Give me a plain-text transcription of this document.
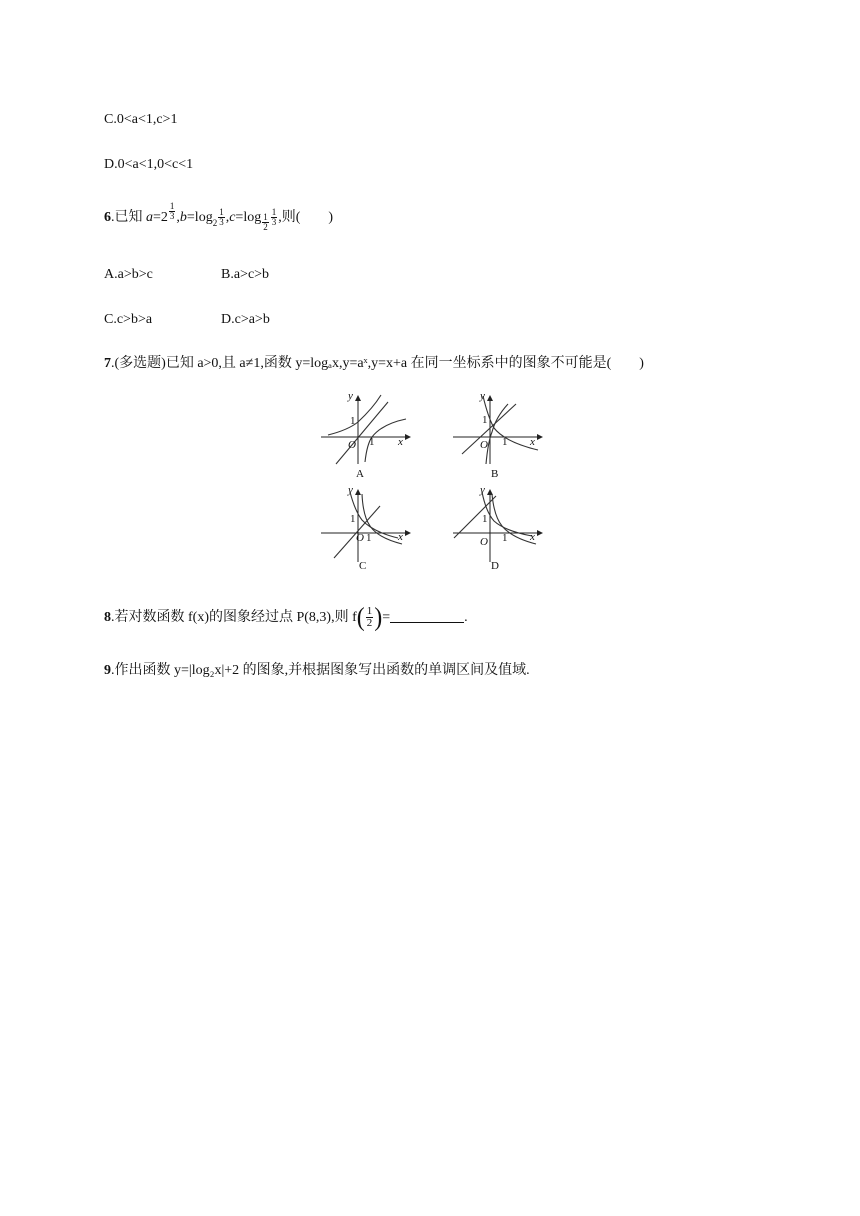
C.0<a<1,c>1
D.0<a<1,0<c<1
6.已知 a=2 $^{\frac{1}{3}}$ $,b=\log_2 \frac{1}{3} ,c=\log \frac{1}{2} \frac{1}{3}$ ,则(　　)
A.a>b>c	B.a>c>b
C.c>b>a	D.c>a>b
7.(多选题)已知 a>0,且 a≠1,函数 y=logₐx,y=aˣ,y=x+a 在同一坐标系中的图象不可能是(　　)
y
1
O 1 x
A
y
1
O 1 x
B
y
1
O 1 x
C
y
1
O 1 x
D
8.若对数函数 f(x)的图象经过点 P(8,3),则 $f( \frac{1}{2}$ )=	.
9.作出函数 y=|log₂x|+2 的图象,并根据图象写出函数的单调区间及值域.
